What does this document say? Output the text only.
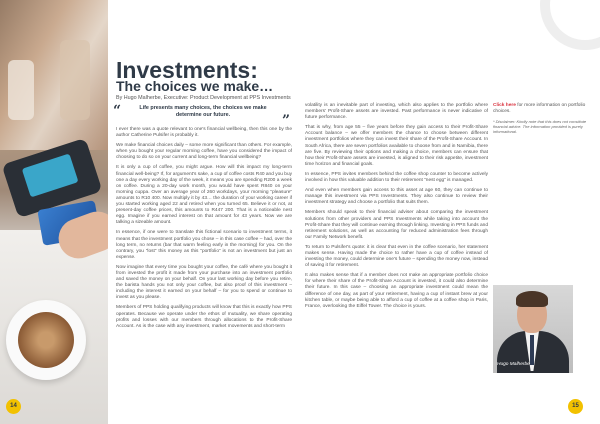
Investments:
The choices we make…
By Hugo Malherbe, Executive: Product Development at PPS Investments
“	Life presents many choices, the choices we make determine our future.	”

I ever there was a quote relevant to one's financial wellbeing, then this one by the author Catherine Pulsifer is probably it.

We make financial choices daily – some more significant than others. For example, when you bought your regular morning coffee, have you considered the impact of choosing to do so on your current and long-term financial wellbeing?

It is only a cup of coffee, you might argue. How will this impact my long-term financial well-being? If, for argument's sake, a cup of coffee costs R40 and you buy one a day every working day of the week, it means you are spending R200 a week on coffee. During a 20-day work month, you would have spent R840 on your morning cuppa. Over an average year of 260 workdays, your morning “pleasure” amounts to R10 400. Now multiply it by 43… the duration of your working career if you started working aged 22 and retired when you turned 65. Believe it or not, at present-day coffee prices, this amounts to R447 200. That is a noticeable nest egg. Imagine if you earned interest on that amount for 43 years. Now we are talking a sizeable amount.

In essence, if one were to translate this fictional scenario to investment terms, it means that the investment portfolio you chose – in this case coffee – had, over the long term, no returns (bar that warm feeling early in the morning) for you. On the contrary, you “lost” this money as this “portfolio” is not an investment but just an expense.

Now imagine that every time you bought your coffee, the café where you bought it from invested the profit it made from your purchase into an investment portfolio and saved the money on your behalf. On your last working day before you retire, the barista hands you not only your coffee, but also proof of this investment – including the interest it earned on your behalf – for you to spend or continue to invest as you please.

Members of PPS holding qualifying products will know that this is exactly how PPS operates. Because we operate under the ethos of mutuality, we share operating profits and losses with our members through allocations to the Profit-Share Account. As is the case with any investment, market movements and short-term

volatility is an inevitable part of investing, which also applies to the portfolio where members' Profit-Share assets are invested. Past performance is never indicative of future performance.

That is why, from age 55 – five years before they gain access to their Profit-Share Account balance – we offer members the chance to choose between different investment portfolios where they can invest their share of the Profit-Share Account. In South Africa, there are seven portfolios available to choose from and in Namibia, there are five. By reviewing their options and making a choice, members can ensure that how their Profit-Share assets are invested, is aligned to their risk appetite, investment time horizon and financial goals.

In essence, PPS invites members behind the coffee shop counter to become actively involved in how this valuable addition to their retirement “nest egg” is managed.

And even when members gain access to this asset at age 60, they can continue to manage this investment via PPS Investments. They also continue to review their investment strategy and choose a portfolio that suits them.

Members should speak to their financial adviser about comparing the investment solutions from other providers and PPS Investments while taking into account the Profit-Share that they will continue earning through linking. Investing in PPS funds and retirement solutions, as well as accounting for reduced administration fees through our Family Network benefit.

To return to Pulsifer's quote: it is clear that even in the coffee scenario, her statement makes sense. Having made the choice to rather have a cup of coffee instead of investing the money, could determine one's future – spending the money now, instead of saving it for retirement.

It also makes sense that if a member does not make an appropriate portfolio choice for where their share of the Profit-Share Account is invested, it could also determine their future. In this case – choosing an appropriate investment could mean the difference of one day, as part of your retirement, having a cup of instant brew at your kitchen table, or maybe being able to afford a cup of coffee at a coffee shop in Paris, France, overlooking the Eiffel Tower. The choice is yours.

Click here for more information on portfolio choices.

* Disclaimer: Kindly note that this does not constitute financial advice. The information provided is purely informational.

Hugo Malherbe
14	15
